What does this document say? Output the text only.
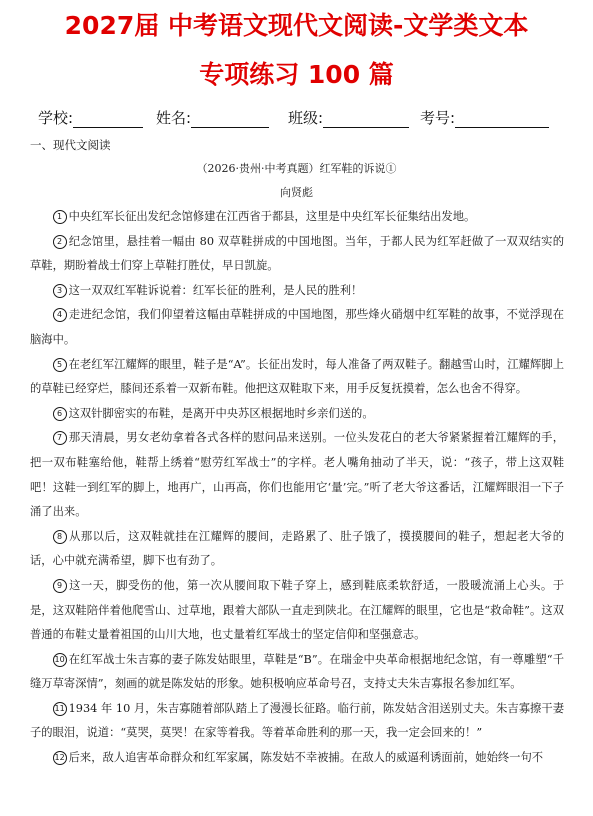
2027届 中考语文现代文阅读-文学类文本
专项练习 100 篇
学校:	姓名:	班级:	考号:
一、现代文阅读
（2026·贵州·中考真题）红军鞋的诉说①
向贤彪

1 中央红军长征出发纪念馆修建在江西省于都县，这里是中央红军长征集结出发地。

2 纪念馆里，悬挂着一幅由 80 双草鞋拼成的中国地图。当年，于都人民为红军赶做了一双双结实的草鞋，期盼着战士们穿上草鞋打胜仗，早日凯旋。

3 这一双双红军鞋诉说着：红军长征的胜利，是人民的胜利！

4 走进纪念馆，我们仰望着这幅由草鞋拼成的中国地图，那些烽火硝烟中红军鞋的故事，不觉浮现在脑海中。

5 在老红军江耀辉的眼里，鞋子是“A”。长征出发时，每人准备了两双鞋子。翻越雪山时，江耀辉脚上的草鞋已经穿烂，膝间还系着一双新布鞋。他把这双鞋取下来，用手反复抚摸着，怎么也舍不得穿。

6 这双针脚密实的布鞋，是离开中央苏区根据地时乡亲们送的。

7 那天清晨，男女老幼拿着各式各样的慰问品来送别。一位头发花白的老大爷紧紧握着江耀辉的手，把一双布鞋塞给他，鞋帮上绣着“慰劳红军战士”的字样。老人嘴角抽动了半天，说：“孩子，带上这双鞋吧！这鞋一到红军的脚上，地再广，山再高，你们也能用它‘量’完。”听了老大爷这番话，江耀辉眼泪一下子涌了出来。

8 从那以后，这双鞋就挂在江耀辉的腰间，走路累了、肚子饿了，摸摸腰间的鞋子，想起老大爷的话，心中就充满希望，脚下也有劲了。

9 这一天，脚受伤的他，第一次从腰间取下鞋子穿上，感到鞋底柔软舒适，一股暖流涌上心头。于是，这双鞋陪伴着他爬雪山、过草地，跟着大部队一直走到陕北。在江耀辉的眼里，它也是“救命鞋”。这双普通的布鞋丈量着祖国的山川大地，也丈量着红军战士的坚定信仰和坚强意志。

10 在红军战士朱吉寡的妻子陈发姑眼里，草鞋是“B”。在瑞金中央革命根据地纪念馆，有一尊雕塑“千缝万草寄深情”，刻画的就是陈发姑的形象。她积极响应革命号召，支持丈夫朱吉寡报名参加红军。

11 1934 年 10 月，朱吉寡随着部队踏上了漫漫长征路。临行前，陈发姑含泪送别丈夫。朱吉寡擦干妻子的眼泪，说道：“莫哭，莫哭！在家等着我。等着革命胜利的那一天，我一定会回来的！”

12 后来，敌人追害革命群众和红军家属，陈发姑不幸被捕。在敌人的威逼利诱面前，她始终一句不
